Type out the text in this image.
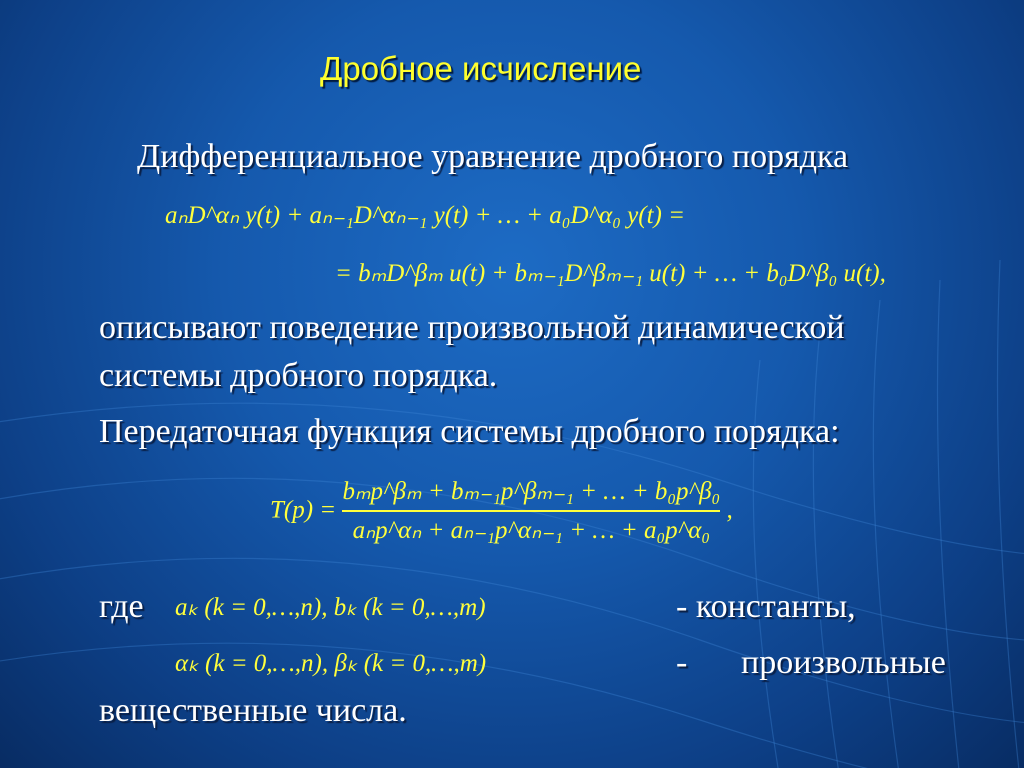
Дробное исчисление
Дифференциальное уравнение дробного порядка
aₙD^αₙ y(t) + aₙ₋₁D^αₙ₋₁ y(t) + … + a₀D^α₀ y(t) =
= bₘD^βₘ u(t) + bₘ₋₁D^βₘ₋₁ u(t) + … + b₀D^β₀ u(t),
описывают поведение произвольной динамической
системы дробного порядка.
Передаточная функция системы дробного порядка:
$T(p) = \frac{\text{bₘp\textasciicircum{}βₘ + bₘ₋₁p\textasciicircum{}βₘ₋₁ + … + b₀p\textasciicircum{}β₀}}{\text{aₙp\textasciicircum{}αₙ + aₙ₋₁p\textasciicircum{}αₙ₋₁ + … + a₀p\textasciicircum{}α₀}}$ ,
где aₖ (k = 0,…,n), bₖ (k = 0,…,m)	- константы,
αₖ (k = 0,…,n), βₖ (k = 0,…,m)	- произвольные
вещественные числа.
